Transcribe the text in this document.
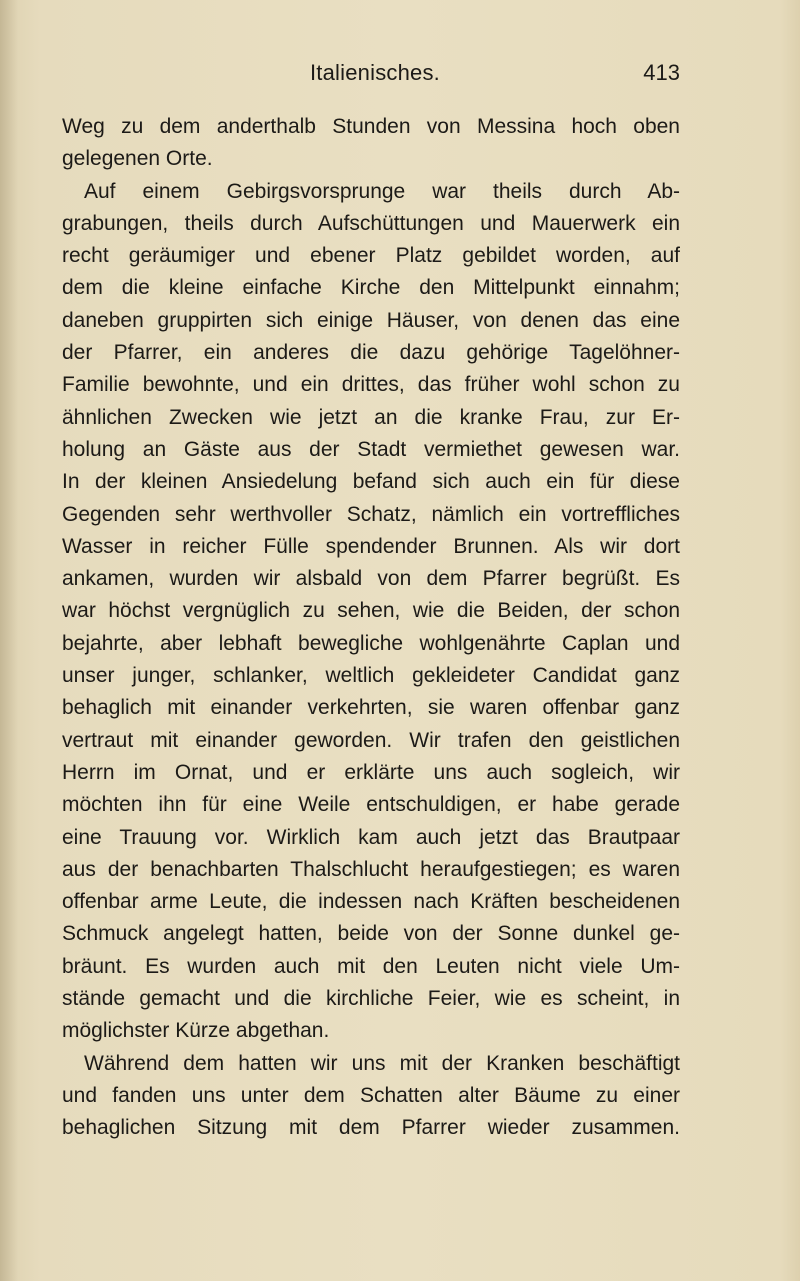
Italienisches.	413
Weg zu dem anderthalb Stunden von Messina hoch oben
gelegenen Orte.
Auf einem Gebirgsvorsprunge war theils durch Ab-
grabungen, theils durch Aufschüttungen und Mauerwerk ein
recht geräumiger und ebener Platz gebildet worden, auf
dem die kleine einfache Kirche den Mittelpunkt einnahm;
daneben gruppirten sich einige Häuser, von denen das eine
der Pfarrer, ein anderes die dazu gehörige Tagelöhner-
Familie bewohnte, und ein drittes, das früher wohl schon zu
ähnlichen Zwecken wie jetzt an die kranke Frau, zur Er-
holung an Gäste aus der Stadt vermiethet gewesen war.
In der kleinen Ansiedelung befand sich auch ein für diese
Gegenden sehr werthvoller Schatz, nämlich ein vortreffliches
Wasser in reicher Fülle spendender Brunnen. Als wir dort
ankamen, wurden wir alsbald von dem Pfarrer begrüßt. Es
war höchst vergnüglich zu sehen, wie die Beiden, der schon
bejahrte, aber lebhaft bewegliche wohlgenährte Caplan und
unser junger, schlanker, weltlich gekleideter Candidat ganz
behaglich mit einander verkehrten, sie waren offenbar ganz
vertraut mit einander geworden. Wir trafen den geistlichen
Herrn im Ornat, und er erklärte uns auch sogleich, wir
möchten ihn für eine Weile entschuldigen, er habe gerade
eine Trauung vor. Wirklich kam auch jetzt das Brautpaar
aus der benachbarten Thalschlucht heraufgestiegen; es waren
offenbar arme Leute, die indessen nach Kräften bescheidenen
Schmuck angelegt hatten, beide von der Sonne dunkel ge-
bräunt. Es wurden auch mit den Leuten nicht viele Um-
stände gemacht und die kirchliche Feier, wie es scheint, in
möglichster Kürze abgethan.
Während dem hatten wir uns mit der Kranken beschäftigt
und fanden uns unter dem Schatten alter Bäume zu einer
behaglichen Sitzung mit dem Pfarrer wieder zusammen.
